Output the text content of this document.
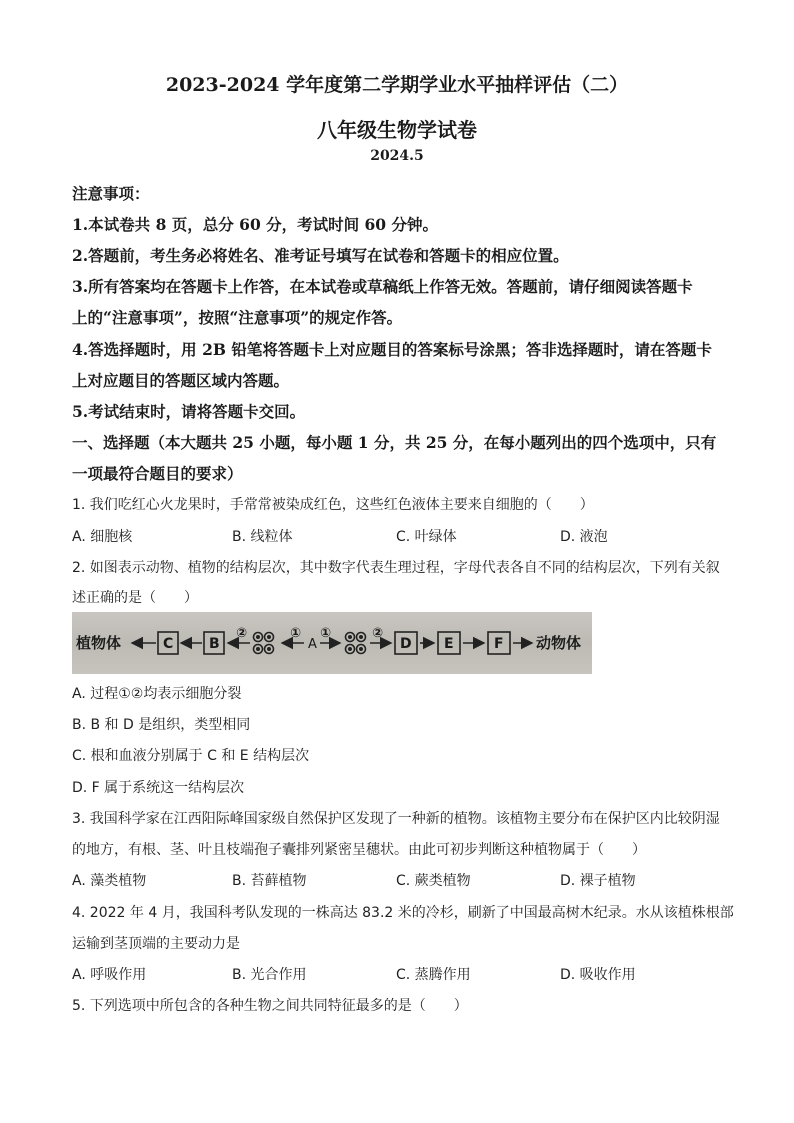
2023-2024 学年度第二学期学业水平抽样评估（二）
八年级生物学试卷
2024.5
注意事项：
1.本试卷共 8 页，总分 60 分，考试时间 60 分钟。
2.答题前，考生务必将姓名、准考证号填写在试卷和答题卡的相应位置。
3.所有答案均在答题卡上作答，在本试卷或草稿纸上作答无效。答题前，请仔细阅读答题卡
上的“注意事项”，按照“注意事项”的规定作答。
4.答选择题时，用 2B 铅笔将答题卡上对应题目的答案标号涂黑；答非选择题时，请在答题卡
上对应题目的答题区域内答题。
5.考试结束时，请将答题卡交回。
一、选择题（本大题共 25 小题，每小题 1 分，共 25 分，在每小题列出的四个选项中，只有
一项最符合题目的要求）
1. 我们吃红心火龙果时，手常常被染成红色，这些红色液体主要来自细胞的（　　）
A. 细胞核	B. 线粒体	C. 叶绿体	D. 液泡
2. 如图表示动物、植物的结构层次，其中数字代表生理过程，字母代表各自不同的结构层次，下列有关叙
述正确的是（　　）
植物体	C	B
②	①
A
①	②
D E	F 动物体
A. 过程①②均表示细胞分裂
B. B 和 D 是组织，类型相同
C. 根和血液分别属于 C 和 E 结构层次
D. F 属于系统这一结构层次
3. 我国科学家在江西阳际峰国家级自然保护区发现了一种新的植物。该植物主要分布在保护区内比较阴湿
的地方，有根、茎、叶且枝端孢子囊排列紧密呈穗状。由此可初步判断这种植物属于（　　）
A. 藻类植物	B. 苔藓植物	C. 蕨类植物	D. 裸子植物
4. 2022 年 4 月，我国科考队发现的一株高达 83.2 米的冷杉，刷新了中国最高树木纪录。水从该植株根部
运输到茎顶端的主要动力是
A. 呼吸作用	B. 光合作用	C. 蒸腾作用	D. 吸收作用
5. 下列选项中所包含的各种生物之间共同特征最多的是（　　）
